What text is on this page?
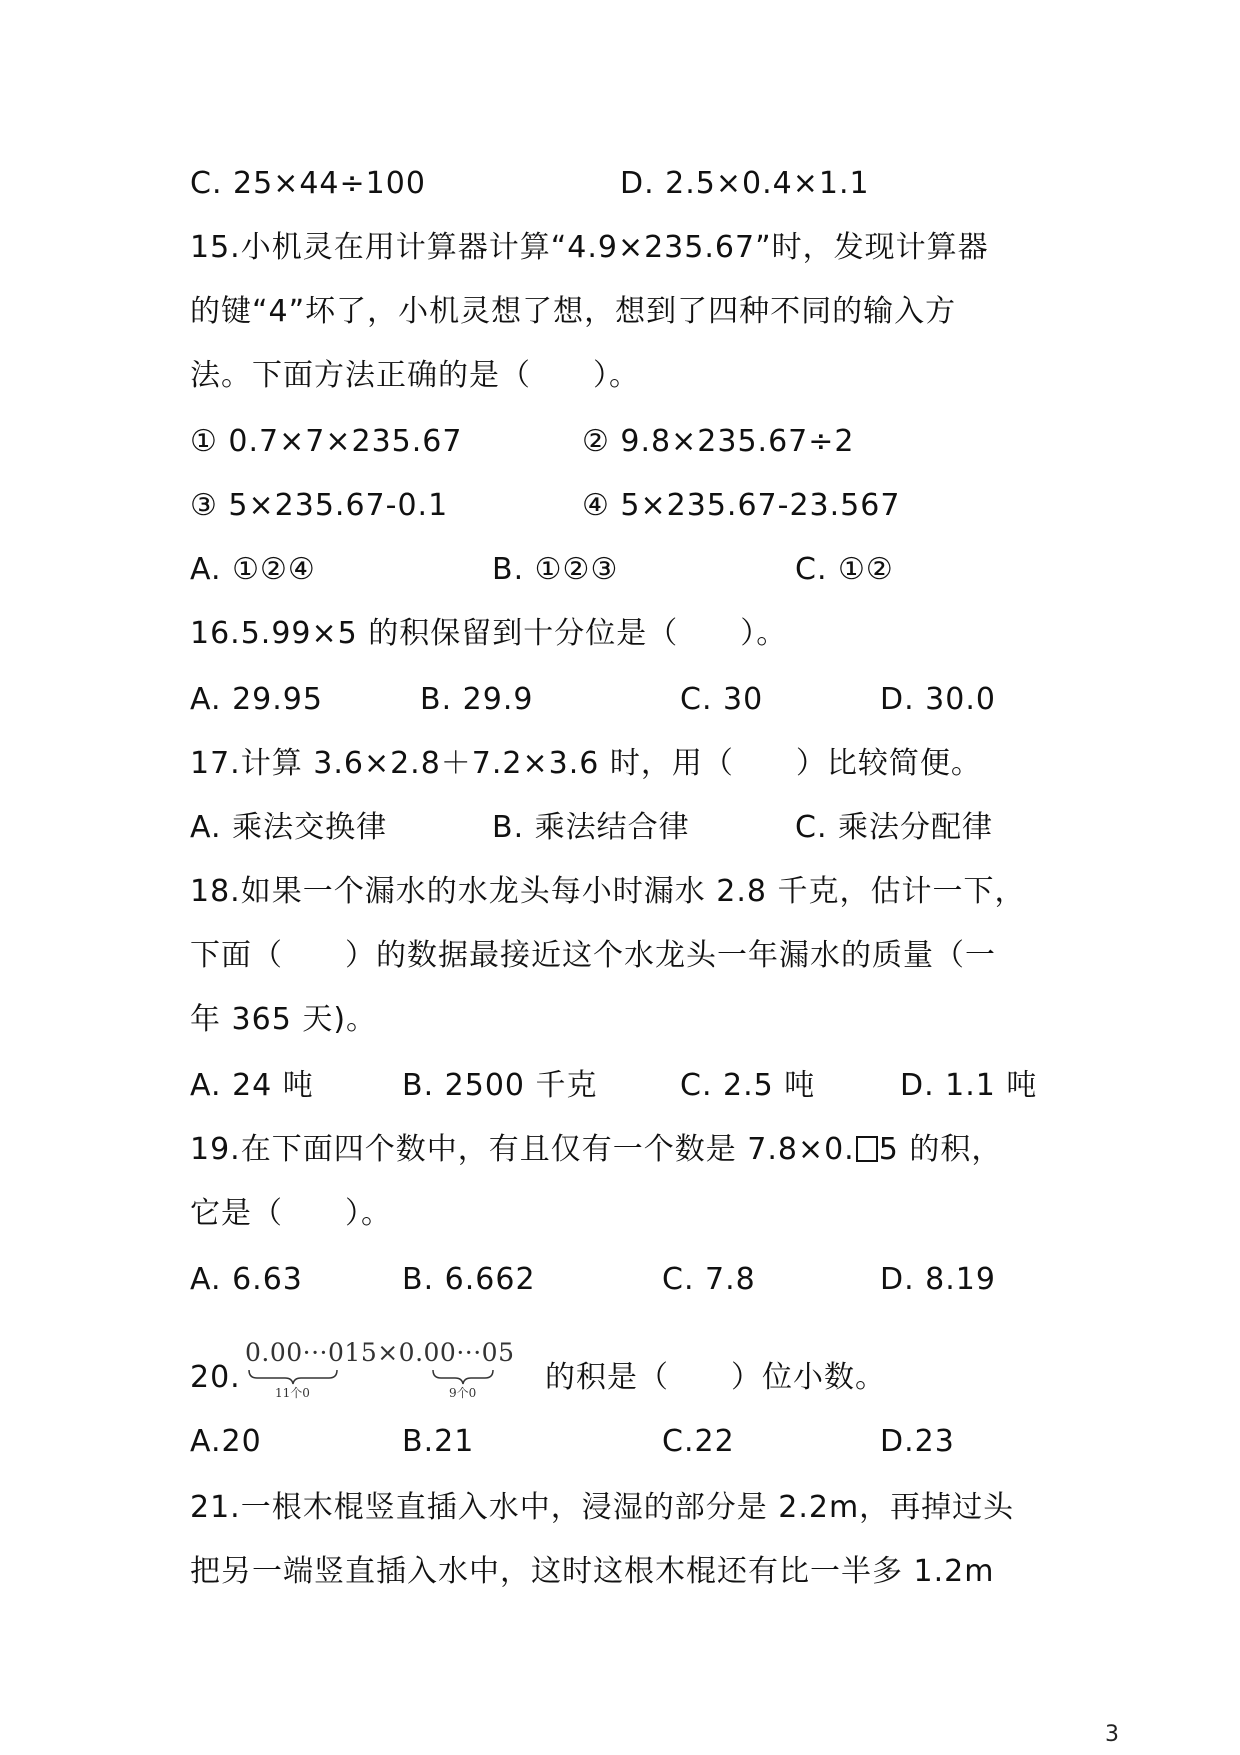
C. 25×44÷100	D. 2.5×0.4×1.1
15.小机灵在用计算器计算“4.9×235.67”时，发现计算器
的键“4”坏了，小机灵想了想，想到了四种不同的输入方
法。下面方法正确的是（　　）。
① 0.7×7×235.67	② 9.8×235.67÷2
③ 5×235.67-0.1	④ 5×235.67-23.567
A. ①②④	B. ①②③	C. ①②
16.5.99×5 的积保留到十分位是（　　）。
A. 29.95	B. 29.9	C. 30	D. 30.0
17.计算 3.6×2.8＋7.2×3.6 时，用（　　）比较简便。
A. 乘法交换律	B. 乘法结合律	C. 乘法分配律
18.如果一个漏水的水龙头每小时漏水 2.8 千克，估计一下，
下面（　　）的数据最接近这个水龙头一年漏水的质量（一
年 365 天)。
A. 24 吨	B. 2500 千克	C. 2.5 吨	D. 1.1 吨
19.在下面四个数中，有且仅有一个数是 7.8×0. 5 的积，
它是（　　）。
A. 6.63	B. 6.662	C. 7.8	D. 8.19
20.
0.00···015×0.00···05
11个0	9个0 的积是（　　）位小数。
A.20	B.21	C.22	D.23
21.一根木棍竖直插入水中，浸湿的部分是 2.2m，再掉过头
把另一端竖直插入水中，这时这根木棍还有比一半多 1.2m
3
